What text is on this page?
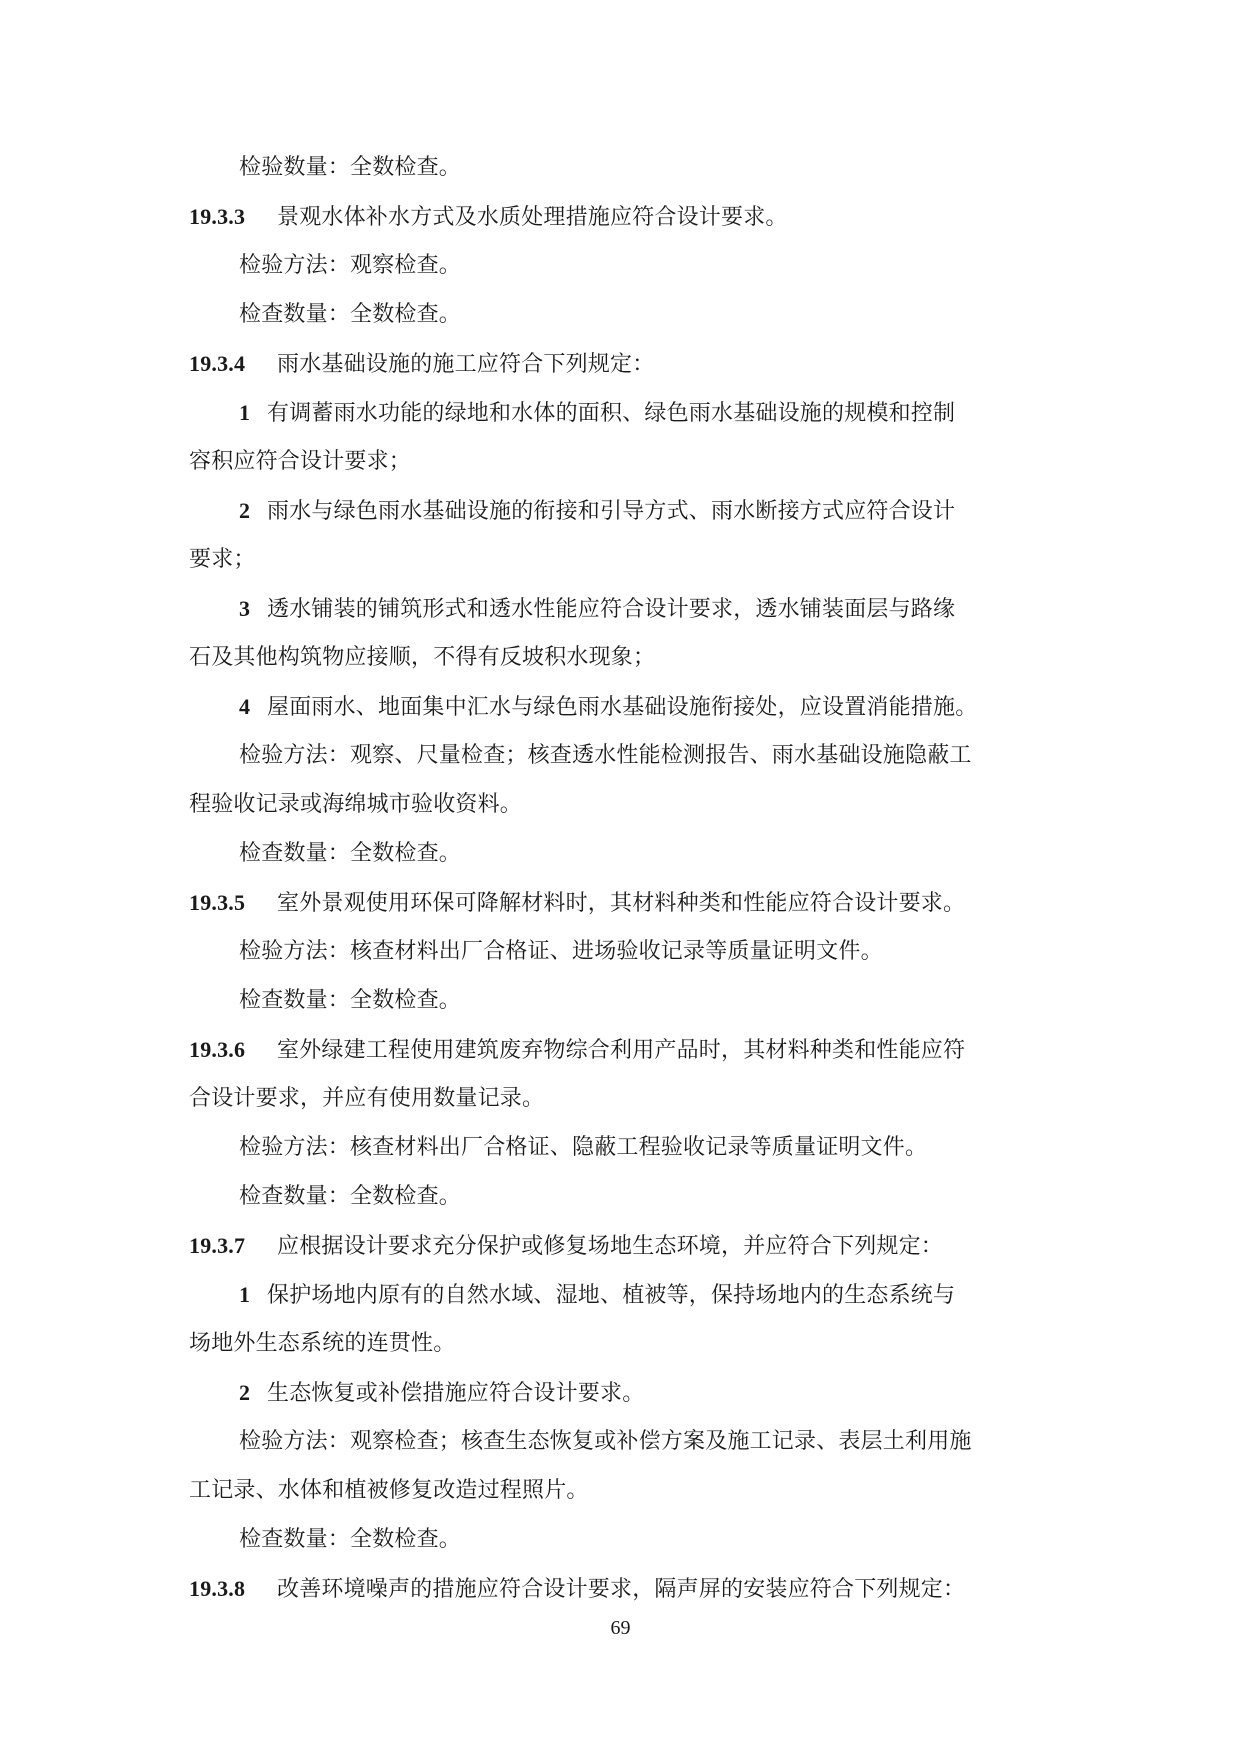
检验数量：全数检查。
19.3.3 景观水体补水方式及水质处理措施应符合设计要求。
检验方法：观察检查。
检查数量：全数检查。
19.3.4 雨水基础设施的施工应符合下列规定：
1 有调蓄雨水功能的绿地和水体的面积、绿色雨水基础设施的规模和控制
容积应符合设计要求；
2 雨水与绿色雨水基础设施的衔接和引导方式、雨水断接方式应符合设计
要求；
3 透水铺装的铺筑形式和透水性能应符合设计要求，透水铺装面层与路缘
石及其他构筑物应接顺，不得有反坡积水现象；
4 屋面雨水、地面集中汇水与绿色雨水基础设施衔接处，应设置消能措施。
检验方法：观察、尺量检查；核查透水性能检测报告、雨水基础设施隐蔽工
程验收记录或海绵城市验收资料。
检查数量：全数检查。
19.3.5 室外景观使用环保可降解材料时，其材料种类和性能应符合设计要求。
检验方法：核查材料出厂合格证、进场验收记录等质量证明文件。
检查数量：全数检查。
19.3.6 室外绿建工程使用建筑废弃物综合利用产品时，其材料种类和性能应符
合设计要求，并应有使用数量记录。
检验方法：核查材料出厂合格证、隐蔽工程验收记录等质量证明文件。
检查数量：全数检查。
19.3.7 应根据设计要求充分保护或修复场地生态环境，并应符合下列规定：
1 保护场地内原有的自然水域、湿地、植被等，保持场地内的生态系统与
场地外生态系统的连贯性。
2 生态恢复或补偿措施应符合设计要求。
检验方法：观察检查；核查生态恢复或补偿方案及施工记录、表层土利用施
工记录、水体和植被修复改造过程照片。
检查数量：全数检查。
19.3.8 改善环境噪声的措施应符合设计要求，隔声屏的安装应符合下列规定：
69
